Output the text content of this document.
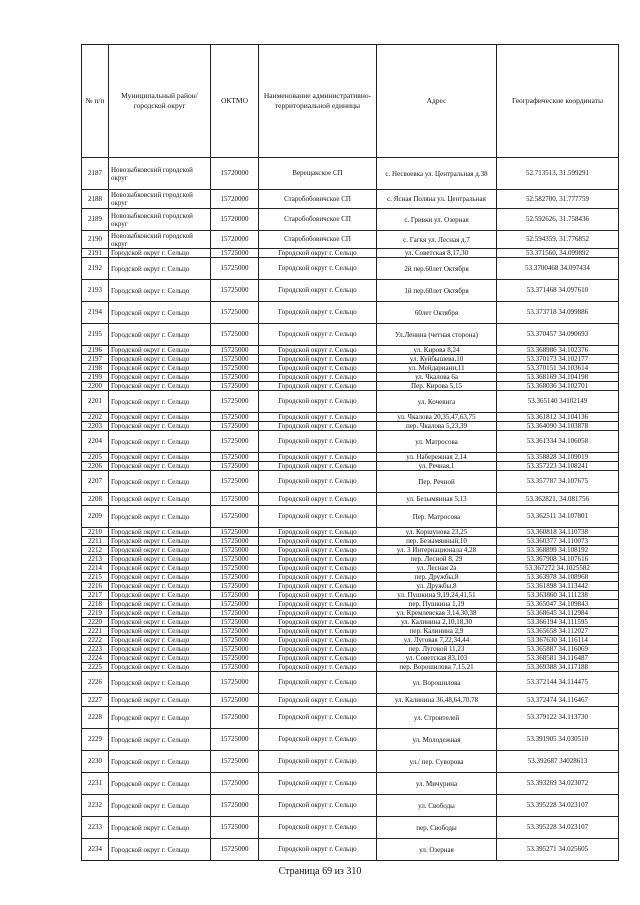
№ п/п	Муниципальный район/городской округ	ОКТМО	Наименование административно-территориальной единицы	Адрес	Географические координаты
2187	Новозыбковский городской округ	15720000	Верещакское СП	с. Несвоевка ул. Центральная д.38	52.713513, 31.599291
2188	Новозыбковский городской округ	15720000	Старобобовичское СП	с. Ясная Поляна ул. Центральная	52.582700, 31.777759
2189	Новозыбковский городской округ	15720000	Старобобовичское СП	с. Гривки ул. Озерная	52.592626, 31.758436
2190	Новозыбковский городской округ	15720000	Старобобовичское СП	с. Гагкя ул. Лесная д.7	52.594359, 31.776852
2191	Городской округ г. Сельцо	15725000	Городской округ г. Сельцо	ул. Советская 8,17,30	53.371560, 34.099892
2192	Городской округ г. Сельцо	15725000	Городской округ г. Сельцо	2й пер.60лет Октября	53.3700468 34.097434
2193	Городской округ г. Сельцо	15725000	Городской округ г. Сельцо	1й пер.60лет Октября	53.371468 34.097610
2194	Городской округ г. Сельцо	15725000	Городской округ г. Сельцо	60лет Октября	53.373718 34.099886
2195	Городской округ г. Сельцо	15725000	Городской округ г. Сельцо	Ул.Ленина (четная сторона)	53.370457 34.090693
2196	Городской округ г. Сельцо	15725000	Городской округ г. Сельцо	ул. Кирова 8,24	53.368986 34.102376
2197	Городской округ г. Сельцо	15725000	Городской округ г. Сельцо	ул. Куйбышева,10	53.370173 34.102177
2198	Городской округ г. Сельцо	15725000	Городской округ г. Сельцо	ул. Мейдариани,11	53.370151 34.103614
2199	Городской округ г. Сельцо	15725000	Городской округ г. Сельцо	ул. Чкалова 6а	53.368169 34.104198
2200	Городской округ г. Сельцо	15725000	Городской округ г. Сельцо	Пер. Кирова 5,15	53.368036 34.102701
2201	Городской округ г. Сельцо	15725000	Городской округ г. Сельцо	ул. Кочевига	53.365140 34102149
2202	Городской округ г. Сельцо	15725000	Городской округ г. Сельцо	ул. Чкалова 20,35,47,63,75	53.361812 34.104136
2203	Городской округ г. Сельцо	15725000	Городской округ г. Сельцо	пер. Чкалова 5,23,39	53.364090 34.103878
2204	Городской округ г. Сельцо	15725000	Городской округ г. Сельцо	ул. Матросова	53.361334 34.106058
2205	Городской округ г. Сельцо	15725000	Городской округ г. Сельцо	ул. Набережная 2,14	53.358828 34.109019
2206	Городской округ г. Сельцо	15725000	Городской округ г. Сельцо	ул. Речная,1	53.357223 34.108241
2207	Городской округ г. Сельцо	15725000	Городской округ г. Сельцо	Пер. Речной	53.357787 34.107675
2208	Городской округ г. Сельцо	15725000	Городской округ г. Сельцо	ул. Безымянная 5,13	53.362821, 34.081756
2209	Городской округ г. Сельцо	15725000	Городской округ г. Сельцо	Пер. Матросова	53.362511 34.107801
2210	Городской округ г. Сельцо	15725000	Городской округ г. Сельцо	ул. Коршунова 23,25	53.360818 34.110738
2211	Городской округ г. Сельцо	15725000	Городской округ г. Сельцо	пер. Безымянный,10	53.360377 34.110073
2212	Городской округ г. Сельцо	15725000	Городской округ г. Сельцо	ул. 3 Интернационала 4,28	53.368899 34.108192
2213	Городской округ г. Сельцо	15725000	Городской округ г. Сельцо	пер. Лесной 8, 29	53.367908 34.107616
2214	Городской округ г. Сельцо	15725000	Городской округ г. Сельцо	ул. Лесная 2а	53.367272 34.1025582
2215	Городской округ г. Сельцо	15725000	Городской округ г. Сельцо	пер. Дружбы,8	53.363978 34.108968
2216	Городской округ г. Сельцо	15725000	Городской округ г. Сельцо	ул. Дружбы,8	53.361898 34.113442
2217	Городской округ г. Сельцо	15725000	Городской округ г. Сельцо	ул. Пушкина 9,19,24,41,51	53.363860 34.111238
2218	Городской округ г. Сельцо	15725000	Городской округ г. Сельцо	пер. Пушкина 1,19	53.365047 34.109843
2219	Городской округ г. Сельцо	15725000	Городской округ г. Сельцо	ул. Кремлевская 3,14,30,38	53.368645 34.112984
2220	Городской округ г. Сельцо	15725000	Городской округ г. Сельцо	ул. Калинина 2,10,18,30	53.366194 34.111595
2221	Городской округ г. Сельцо	15725000	Городской округ г. Сельцо	пер. Калинина 2,9	53.365658 34.112027
2222	Городской округ г. Сельцо	15725000	Городской округ г. Сельцо	ул. Луговая 7,22,34,44	53.367630 34.116114
2223	Городской округ г. Сельцо	15725000	Городской округ г. Сельцо	пер. Луговой 11,23	53.365887 34.116069
2224	Городской округ г. Сельцо	15725000	Городской округ г. Сельцо	ул. Советская 83,103	53.368581 34.116487
2225	Городской округ г. Сельцо	15725000	Городской округ г. Сельцо	пер. Ворошилова 7,15,21	53.369388 34.117188
2226	Городской округ г. Сельцо	15725000	Городской округ г. Сельцо	ул. Ворошилова	53.372144 34.114475
2227	Городской округ г. Сельцо	15725000	Городской округ г. Сельцо	ул. Калинина 36,48,64,70,78	53.372474 34.116467
2228	Городской округ г. Сельцо	15725000	Городской округ г. Сельцо	ул. Строителей	53.379122 34.113730
2229	Городской округ г. Сельцо	15725000	Городской округ г. Сельцо	ул. Молодежная	53.391905 34.030510
2230	Городской округ г. Сельцо	15725000	Городской округ г. Сельцо	ул./ пер. Суворова	53.392687 34028613
2231	Городской округ г. Сельцо	15725000	Городской округ г. Сельцо	ул. Мичурина	53.393269 34.023072
2232	Городской округ г. Сельцо	15725000	Городской округ г. Сельцо	ул. Свободы	53.395228 34.023107
2233	Городской округ г. Сельцо	15725000	Городской округ г. Сельцо	пер. Свободы	53.395228 34.023107
2234	Городской округ г. Сельцо	15725000	Городской округ г. Сельцо	ул. Озерная	53.395271 34.025605
Страница 69 из 310
